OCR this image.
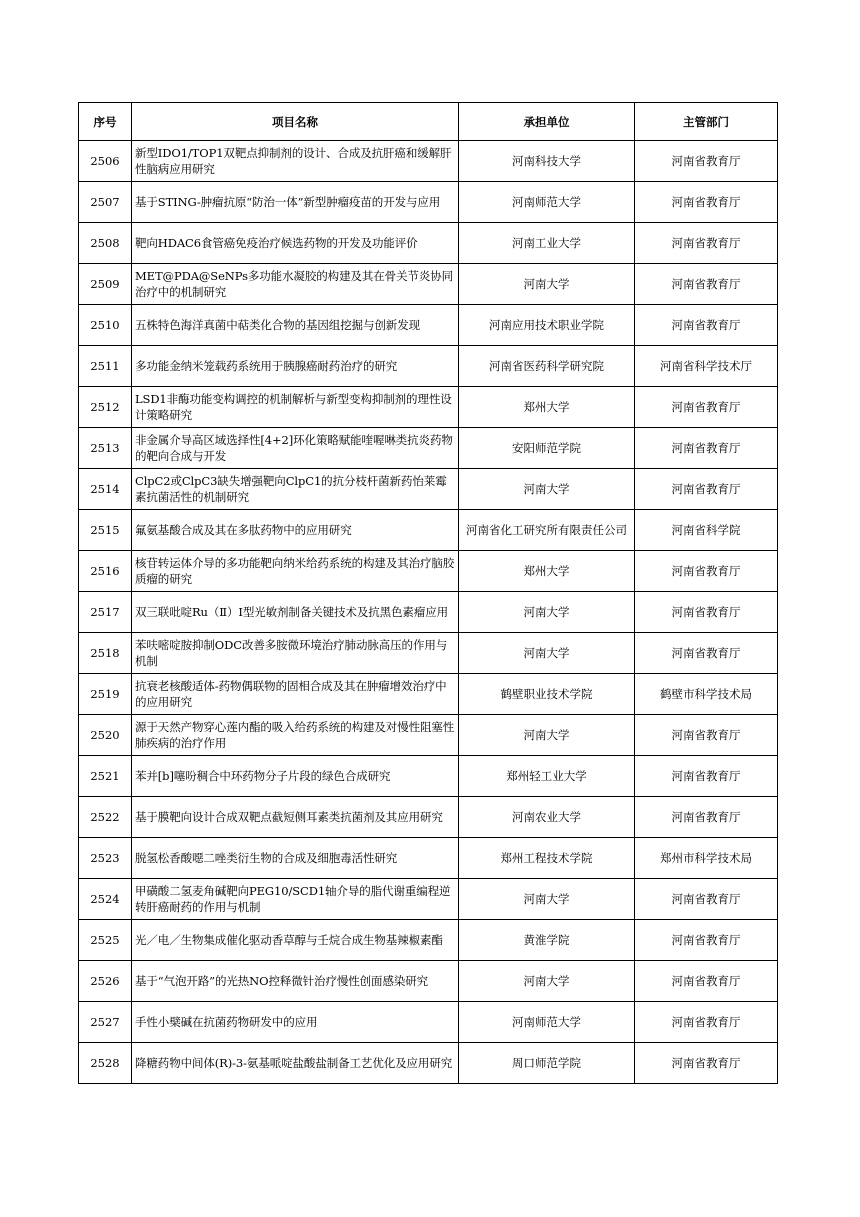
序号	项目名称	承担单位	主管部门
2506	新型IDO1/TOP1双靶点抑制剂的设计、合成及抗肝癌和缓解肝性脑病应用研究	河南科技大学	河南省教育厅
2507	基于STING-肿瘤抗原“防治一体”新型肿瘤疫苗的开发与应用	河南师范大学	河南省教育厅
2508	靶向HDAC6食管癌免疫治疗候选药物的开发及功能评价	河南工业大学	河南省教育厅
2509	MET@PDA@SeNPs多功能水凝胶的构建及其在骨关节炎协同治疗中的机制研究	河南大学	河南省教育厅
2510	五株特色海洋真菌中萜类化合物的基因组挖掘与创新发现	河南应用技术职业学院	河南省教育厅
2511	多功能金纳米笼载药系统用于胰腺癌耐药治疗的研究	河南省医药科学研究院	河南省科学技术厅
2512	LSD1非酶功能变构调控的机制解析与新型变构抑制剂的理性设计策略研究	郑州大学	河南省教育厅
2513	非金属介导高区域选择性[4+2]环化策略赋能喹喔啉类抗炎药物的靶向合成与开发	安阳师范学院	河南省教育厅
2514	ClpC2或ClpC3缺失增强靶向ClpC1的抗分枝杆菌新药怡莱霉素抗菌活性的机制研究	河南大学	河南省教育厅
2515	氟氨基酸合成及其在多肽药物中的应用研究	河南省化工研究所有限责任公司	河南省科学院
2516	核苷转运体介导的多功能靶向纳米给药系统的构建及其治疗脑胶质瘤的研究	郑州大学	河南省教育厅
2517	双三联吡啶Ru（Ⅱ）Ⅰ型光敏剂制备关键技术及抗黑色素瘤应用	河南大学	河南省教育厅
2518	苯呋嘧啶胺抑制ODC改善多胺微环境治疗肺动脉高压的作用与机制	河南大学	河南省教育厅
2519	抗衰老核酸适体-药物偶联物的固相合成及其在肿瘤增效治疗中的应用研究	鹤壁职业技术学院	鹤壁市科学技术局
2520	源于天然产物穿心莲内酯的吸入给药系统的构建及对慢性阻塞性肺疾病的治疗作用	河南大学	河南省教育厅
2521	苯并[b]噻吩稠合中环药物分子片段的绿色合成研究	郑州轻工业大学	河南省教育厅
2522	基于膜靶向设计合成双靶点截短侧耳素类抗菌剂及其应用研究	河南农业大学	河南省教育厅
2523	脱氢松香酸噁二唑类衍生物的合成及细胞毒活性研究	郑州工程技术学院	郑州市科学技术局
2524	甲磺酸二氢麦角碱靶向PEG10/SCD1轴介导的脂代谢重编程逆转肝癌耐药的作用与机制	河南大学	河南省教育厅
2525	光／电／生物集成催化驱动香草醇与壬烷合成生物基辣椒素酯	黄淮学院	河南省教育厅
2526	基于“气泡开路”的光热NO控释微针治疗慢性创面感染研究	河南大学	河南省教育厅
2527	手性小檗碱在抗菌药物研发中的应用	河南师范大学	河南省教育厅
2528	降糖药物中间体(R)-3-氨基哌啶盐酸盐制备工艺优化及应用研究	周口师范学院	河南省教育厅
